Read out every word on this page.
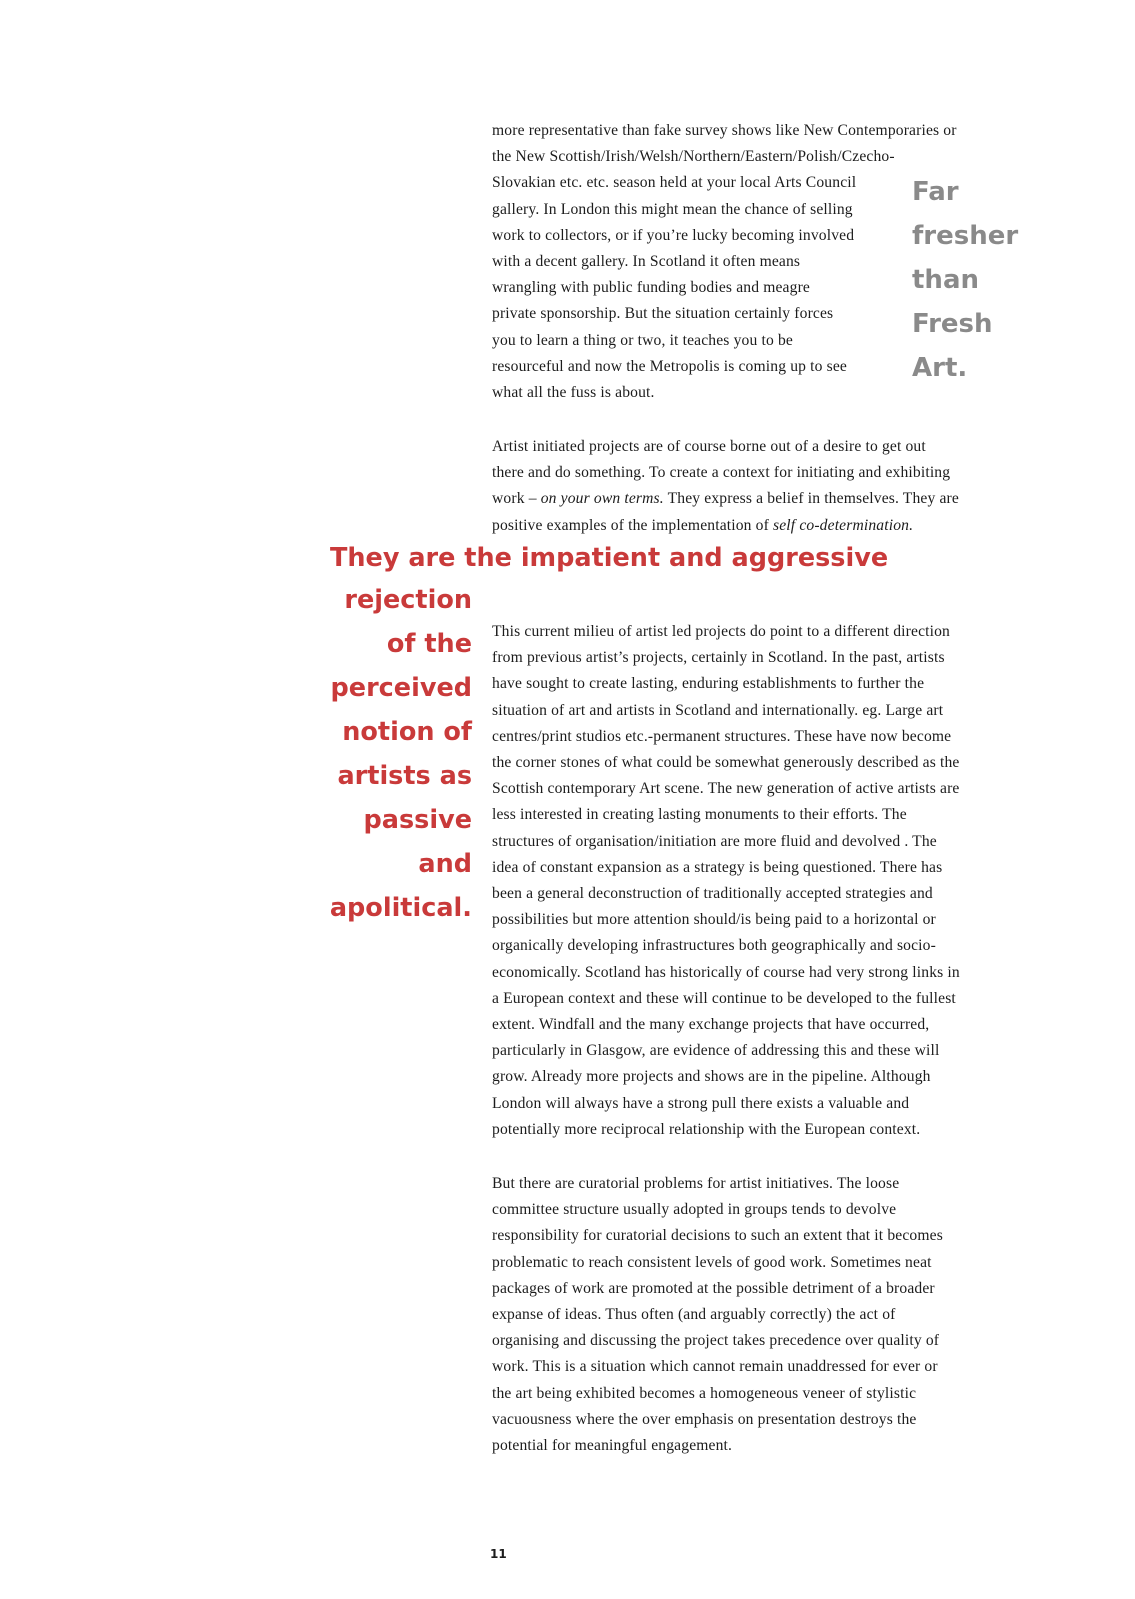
more representative than fake survey shows like New Contemporaries or
the New Scottish/Irish/Welsh/Northern/Eastern/Polish/Czecho-
Slovakian etc. etc. season held at your local Arts Council
gallery. In London this might mean the chance of selling
work to collectors, or if you’re lucky becoming involved
with a decent gallery. In Scotland it often means
wrangling with public funding bodies and meagre
private sponsorship. But the situation certainly forces
you to learn a thing or two, it teaches you to be
resourceful and now the Metropolis is coming up to see
what all the fuss is about.

Far
fresher
than
Fresh
Art.

Artist initiated projects are of course borne out of a desire to get out
there and do something. To create a context for initiating and exhibiting
work – on your own terms. They express a belief in themselves. They are
positive examples of the implementation of self co-determination.

They are the impatient and aggressive
rejection
of the
perceived
notion of
artists as
passive
and
apolitical.

This current milieu of artist led projects do point to a different direction
from previous artist’s projects, certainly in Scotland. In the past, artists
have sought to create lasting, enduring establishments to further the
situation of art and artists in Scotland and internationally. eg. Large art
centres/print studios etc.-permanent structures. These have now become
the corner stones of what could be somewhat generously described as the
Scottish contemporary Art scene. The new generation of active artists are
less interested in creating lasting monuments to their efforts. The
structures of organisation/initiation are more fluid and devolved . The
idea of constant expansion as a strategy is being questioned. There has
been a general deconstruction of traditionally accepted strategies and
possibilities but more attention should/is being paid to a horizontal or
organically developing infrastructures both geographically and socio-
economically. Scotland has historically of course had very strong links in
a European context and these will continue to be developed to the fullest
extent. Windfall and the many exchange projects that have occurred,
particularly in Glasgow, are evidence of addressing this and these will
grow. Already more projects and shows are in the pipeline. Although
London will always have a strong pull there exists a valuable and
potentially more reciprocal relationship with the European context.

But there are curatorial problems for artist initiatives. The loose
committee structure usually adopted in groups tends to devolve
responsibility for curatorial decisions to such an extent that it becomes
problematic to reach consistent levels of good work. Sometimes neat
packages of work are promoted at the possible detriment of a broader
expanse of ideas. Thus often (and arguably correctly) the act of
organising and discussing the project takes precedence over quality of
work. This is a situation which cannot remain unaddressed for ever or
the art being exhibited becomes a homogeneous veneer of stylistic
vacuousness where the over emphasis on presentation destroys the
potential for meaningful engagement.

11
